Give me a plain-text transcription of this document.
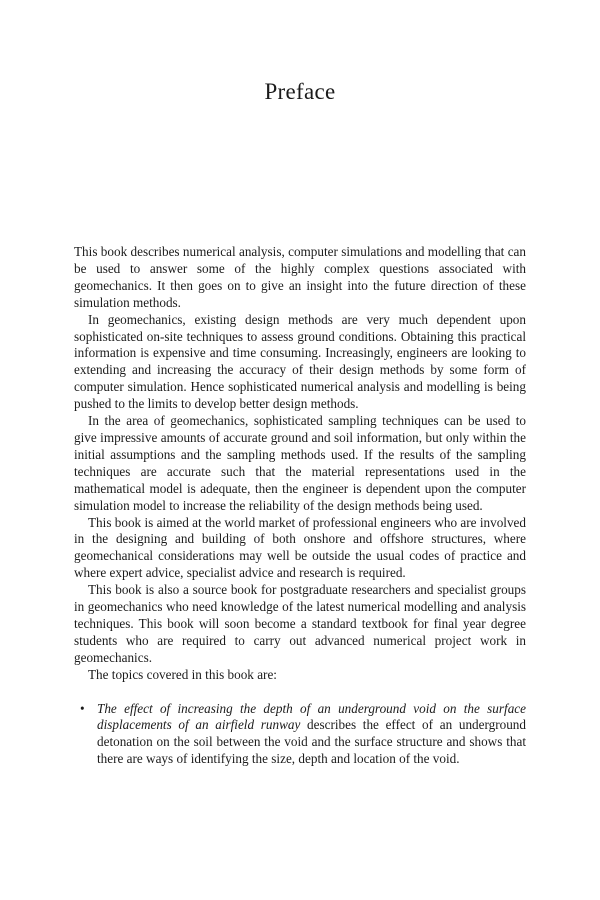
Preface

This book describes numerical analysis, computer simulations and modelling that can be used to answer some of the highly complex questions associated with geomechanics. It then goes on to give an insight into the future direction of these simulation methods.

In geomechanics, existing design methods are very much dependent upon sophisticated on-site techniques to assess ground conditions. Obtaining this practical information is expensive and time consuming. Increasingly, engineers are looking to extending and increasing the accuracy of their design methods by some form of computer simulation. Hence sophisticated numerical analysis and modelling is being pushed to the limits to develop better design methods.

In the area of geomechanics, sophisticated sampling techniques can be used to give impressive amounts of accurate ground and soil information, but only within the initial assumptions and the sampling methods used. If the results of the sampling techniques are accurate such that the material representations used in the mathematical model is adequate, then the engineer is dependent upon the computer simulation model to increase the reliability of the design methods being used.

This book is aimed at the world market of professional engineers who are involved in the designing and building of both onshore and offshore structures, where geomechanical considerations may well be outside the usual codes of practice and where expert advice, specialist advice and research is required.

This book is also a source book for postgraduate researchers and specialist groups in geomechanics who need knowledge of the latest numerical modelling and analysis techniques. This book will soon become a standard textbook for final year degree students who are required to carry out advanced numerical project work in geomechanics.

The topics covered in this book are:

• The effect of increasing the depth of an underground void on the surface displacements of an airfield runway describes the effect of an underground detonation on the soil between the void and the surface structure and shows that there are ways of identifying the size, depth and location of the void.
